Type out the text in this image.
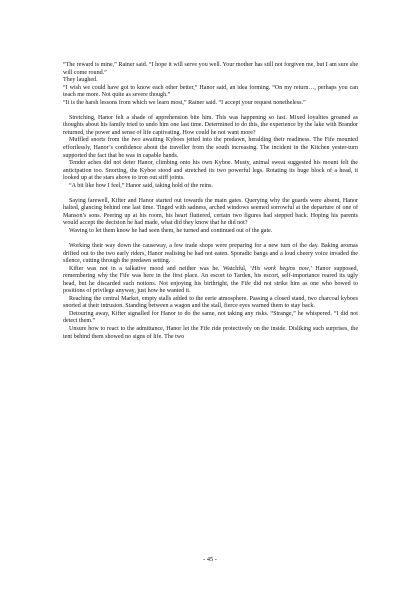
“The reward is mine,” Rainer said. “I hope it will serve you well. Your mother has still not forgiven me, but I am sure she will come round.”

They laughed.

“I wish we could have got to know each other better,” Hanor said, an idea forming. “On my return…, perhaps you can teach me more. Not quite as severe though.”

“It is the harsh lessons from which we learn most,” Rainer said. “I accept your request nonetheless.”

Stretching, Hanor felt a shade of apprehension bite him. This was happening so fast. Mixed loyalties groaned as thoughts about his family tried to undo him one last time. Determined to do this, the experience by the lake with Brandor returned, the power and sense of life captivating. How could he not want more?

Muffled snorts from the two awaiting Kyboes jetted into the predawn, heralding their readiness. The Fife mounted effortlessly, Hanor’s confidence about the traveller from the south increasing. The incident in the Kitchen yester-turn supported the fact that he was in capable hands.

Tender aches did not deter Hanor, climbing onto his own Kyboe. Musty, animal sweat suggested his mount felt the anticipation too. Snorting, the Kyboe stood and stretched its two powerful legs. Rotating its huge block of a head, it looked up at the stars above to iron out stiff joints.

“A bit like how I feel,” Hanor said, taking hold of the reins.

Saying farewell, Kifter and Hanor started out towards the main gates. Querying why the guards were absent, Hanor halted, glancing behind one last time. Tinged with sadness, arched windows seemed sorrowful at the departure of one of Manson’s sons. Peering up at his room, his heart fluttered, certain two figures had stepped back. Hoping his parents would accept the decision he had made, what did they know that he did not?

Waving to let them know he had seen them, he turned and continued out of the gate.

Working their way down the causeway, a few trade shops were preparing for a new turn of the day. Baking aromas drifted out to the two early riders, Hanor realising he had not eaten. Sporadic bangs and a loud cheery voice invaded the silence, cutting through the predawn setting.

Kifter was not in a talkative mood and neither was he. Watchful, ‘His work begins now,’ Hanor supposed, remembering why the Fife was here in the first place. An escort to Tarden, his escort, self-importance reared its ugly head, but he discarded such notions. Not enjoying his birthright, the Fife did not strike him as one who bowed to positions of privilege anyway, just how he wanted it.

Reaching the central Market, empty stalls added to the eerie atmosphere. Passing a closed stand, two charcoal kyboes snorted at their intrusion. Standing between a wagon and the stall, fierce eyes warned them to stay back.

Detouring away, Kifter signalled for Hanor to do the same, not taking any risks. “Strange,” he whispered. “I did not detect them.”

Unsure how to react to the admittance, Hanor let the Fife ride protectively on the inside. Disliking such surprises, the tent behind them showed no signs of life. The two

- 45 -
